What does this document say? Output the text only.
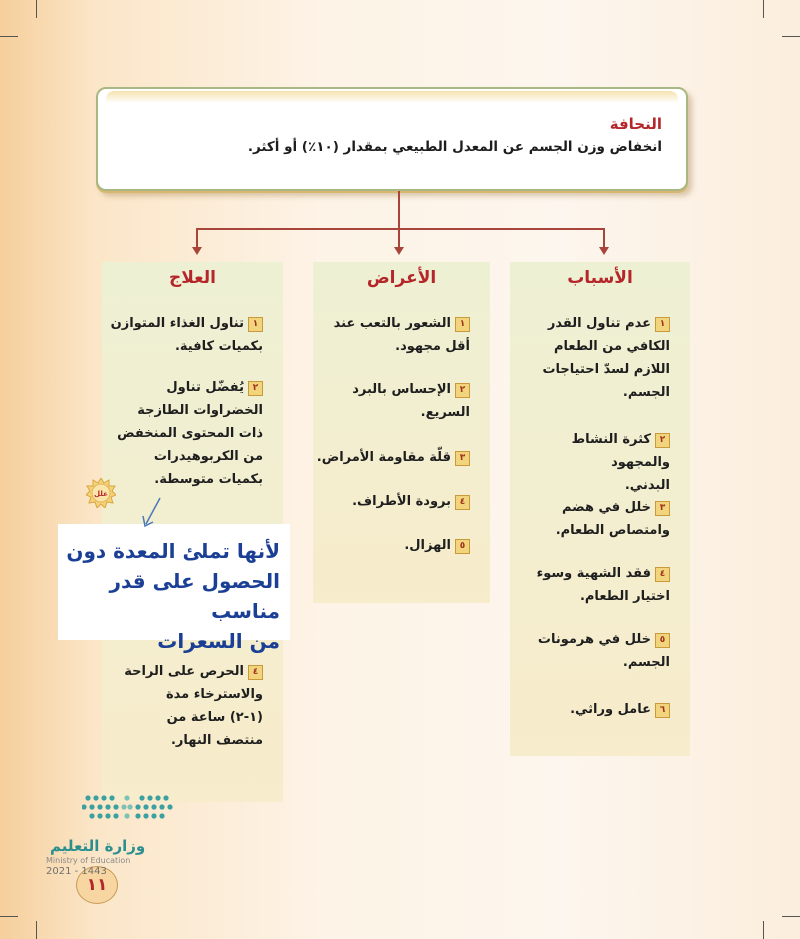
النحافة
انخفاض وزن الجسم عن المعدل الطبيعي بمقدار (١٠٪) أو أكثر.
الأسباب
١عدم تناول القدر
الكافي من الطعام
اللازم لسدّ احتياجات
الجسم.
٢كثرة النشاط والمجهود
البدني.
٣خلل في هضم
وامتصاص الطعام.
٤فقد الشهية وسوء
اختيار الطعام.
٥خلل في هرمونات
الجسم.
٦عامل وراثي.
الأعراض
١الشعور بالتعب عند
أقل مجهود.
٢الإحساس بالبرد
السريع.
٣قلّة مقاومة الأمراض.
٤برودة الأطراف.
٥الهزال.
العلاج
١تناول الغذاء المتوازن
بكميات كافية.
٢يُفضّل تناول
الخضراوات الطازجة
ذات المحتوى المنخفض
من الكربوهيدرات
بكميات متوسطة.
٤الحرص على الراحة
والاسترخاء مدة
(١-٢) ساعة من
منتصف النهار.
لأنها تملئ المعدة دون
الحصول على قدر مناسب
من السعرات
علل
وزارة التعليم
Ministry of Education
١١
2021 - 1443
